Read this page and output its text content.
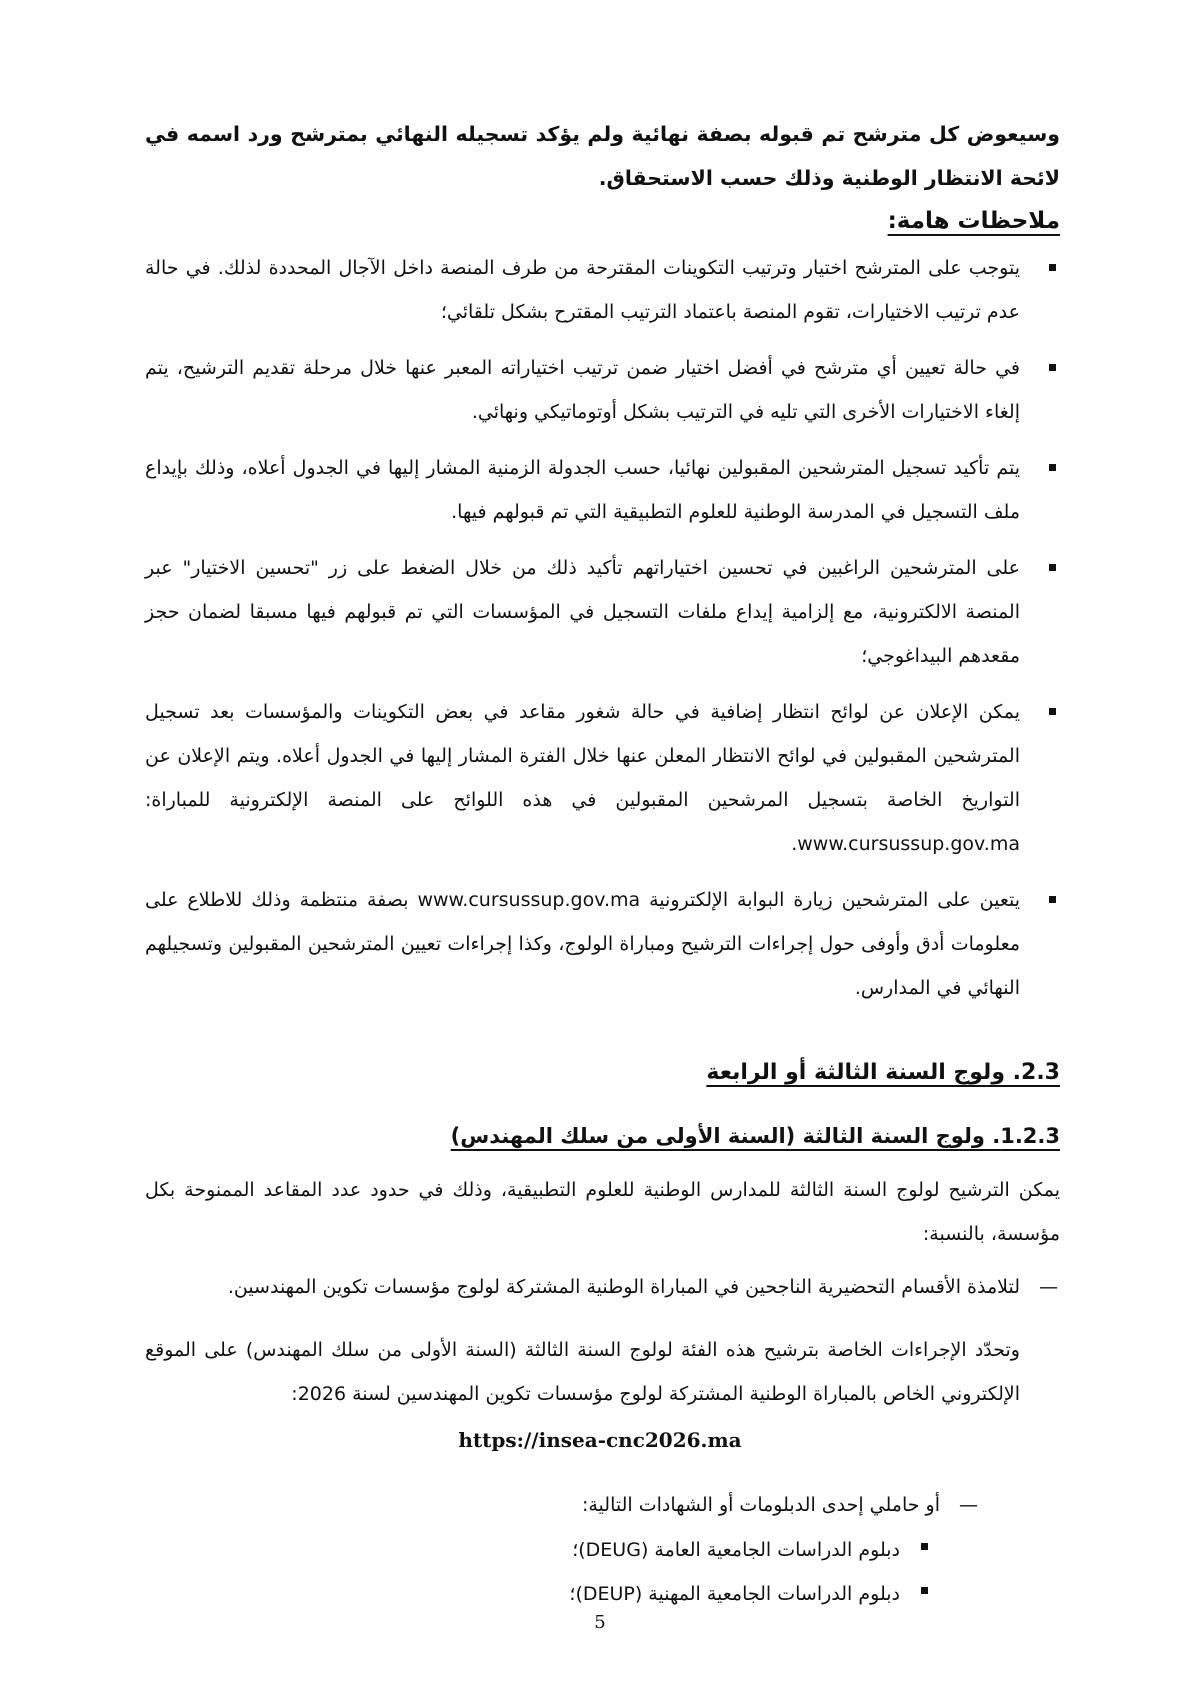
وسيعوض كل مترشح تم قبوله بصفة نهائية ولم يؤكد تسجيله النهائي بمترشح ورد اسمه في لائحة الانتظار الوطنية وذلك حسب الاستحقاق.
ملاحظات هامة:
يتوجب على المترشح اختيار وترتيب التكوينات المقترحة من طرف المنصة داخل الآجال المحددة لذلك. في حالة عدم ترتيب الاختيارات، تقوم المنصة باعتماد الترتيب المقترح بشكل تلقائي؛
في حالة تعيين أي مترشح في أفضل اختيار ضمن ترتيب اختياراته المعبر عنها خلال مرحلة تقديم الترشيح، يتم إلغاء الاختيارات الأخرى التي تليه في الترتيب بشكل أوتوماتيكي ونهائي.
يتم تأكيد تسجيل المترشحين المقبولين نهائيا، حسب الجدولة الزمنية المشار إليها في الجدول أعلاه، وذلك بإيداع ملف التسجيل في المدرسة الوطنية للعلوم التطبيقية التي تم قبولهم فيها.
على المترشحين الراغبين في تحسين اختياراتهم تأكيد ذلك من خلال الضغط على زر "تحسين الاختيار" عبر المنصة الالكترونية، مع إلزامية إيداع ملفات التسجيل في المؤسسات التي تم قبولهم فيها مسبقا لضمان حجز مقعدهم البيداغوجي؛
يمكن الإعلان عن لوائح انتظار إضافية في حالة شغور مقاعد في بعض التكوينات والمؤسسات بعد تسجيل المترشحين المقبولين في لوائح الانتظار المعلن عنها خلال الفترة المشار إليها في الجدول أعلاه. ويتم الإعلان عن التواريخ الخاصة بتسجيل المرشحين المقبولين في هذه اللوائح على المنصة الإلكترونية للمباراة: www.cursussup.gov.ma.
يتعين على المترشحين زيارة البوابة الإلكترونية www.cursussup.gov.ma بصفة منتظمة وذلك للاطلاع على معلومات أدق وأوفى حول إجراءات الترشيح ومباراة الولوج، وكذا إجراءات تعيين المترشحين المقبولين وتسجيلهم النهائي في المدارس.
2.3. ولوج السنة الثالثة أو الرابعة
1.2.3. ولوج السنة الثالثة (السنة الأولى من سلك المهندس)
يمكن الترشيح لولوج السنة الثالثة للمدارس الوطنية للعلوم التطبيقية، وذلك في حدود عدد المقاعد الممنوحة بكل مؤسسة، بالنسبة:
—
لتلامذة الأقسام التحضيرية الناجحين في المباراة الوطنية المشتركة لولوج مؤسسات تكوين المهندسين.
وتحدّد الإجراءات الخاصة بترشيح هذه الفئة لولوج السنة الثالثة (السنة الأولى من سلك المهندس) على الموقع الإلكتروني الخاص بالمباراة الوطنية المشتركة لولوج مؤسسات تكوين المهندسين لسنة 2026:
https://insea-cnc2026.ma
—
أو حاملي إحدى الدبلومات أو الشهادات التالية:
دبلوم الدراسات الجامعية العامة (DEUG)؛
دبلوم الدراسات الجامعية المهنية (DEUP)؛
5
